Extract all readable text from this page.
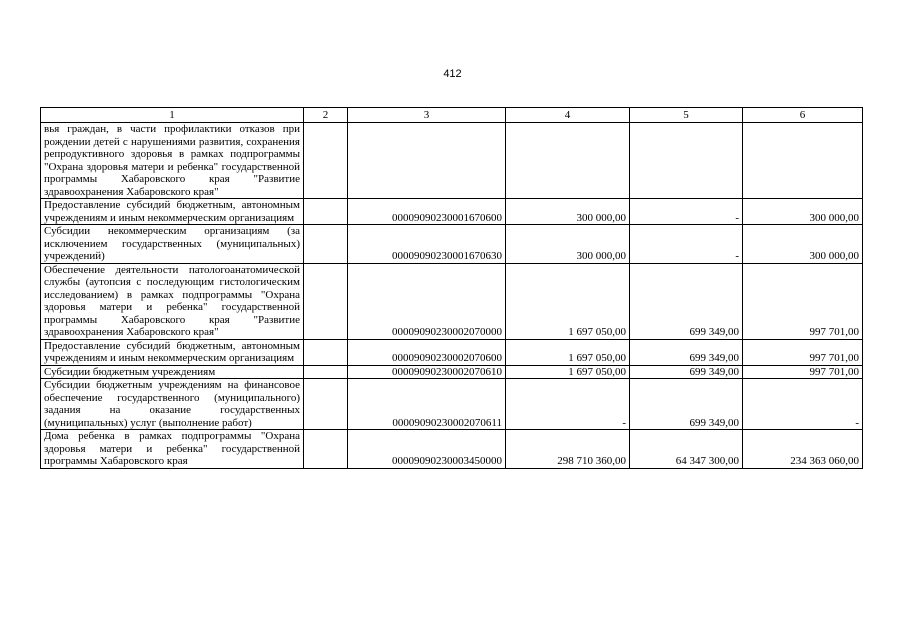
412
1	2	3	4	5	6

вья граждан, в части профилактики отказов при рождении детей с нарушениями развития, сохранения репродуктивного здоровья в рамках подпрограммы "Охрана здоровья матери и ребенка" государственной программы Хабаровского края "Развитие здравоохранения Хабаровского края"					

Предоставление субсидий бюджетным, автономным учреждениям и иным некоммерческим организациям		00009090230001670600	300 000,00	-	300 000,00

Субсидии некоммерческим организациям (за исключением государственных (муниципальных) учреждений)		00009090230001670630	300 000,00	-	300 000,00

Обеспечение деятельности патологоанатомической службы (аутопсия с последующим гистологическим исследованием) в рамках подпрограммы "Охрана здоровья матери и ребенка" государственной программы Хабаровского края "Развитие здравоохранения Хабаровского края"		00009090230002070000	1 697 050,00	699 349,00	997 701,00

Предоставление субсидий бюджетным, автономным учреждениям и иным некоммерческим организациям		00009090230002070600	1 697 050,00	699 349,00	997 701,00

Субсидии бюджетным учреждениям		00009090230002070610	1 697 050,00	699 349,00	997 701,00

Субсидии бюджетным учреждениям на финансовое обеспечение государственного (муниципального) задания на оказание государственных (муниципальных) услуг (выполнение работ)		00009090230002070611	-	699 349,00	-

Дома ребенка в рамках подпрограммы "Охрана здоровья матери и ребенка" государственной программы Хабаровского края		00009090230003450000	298 710 360,00	64 347 300,00	234 363 060,00
